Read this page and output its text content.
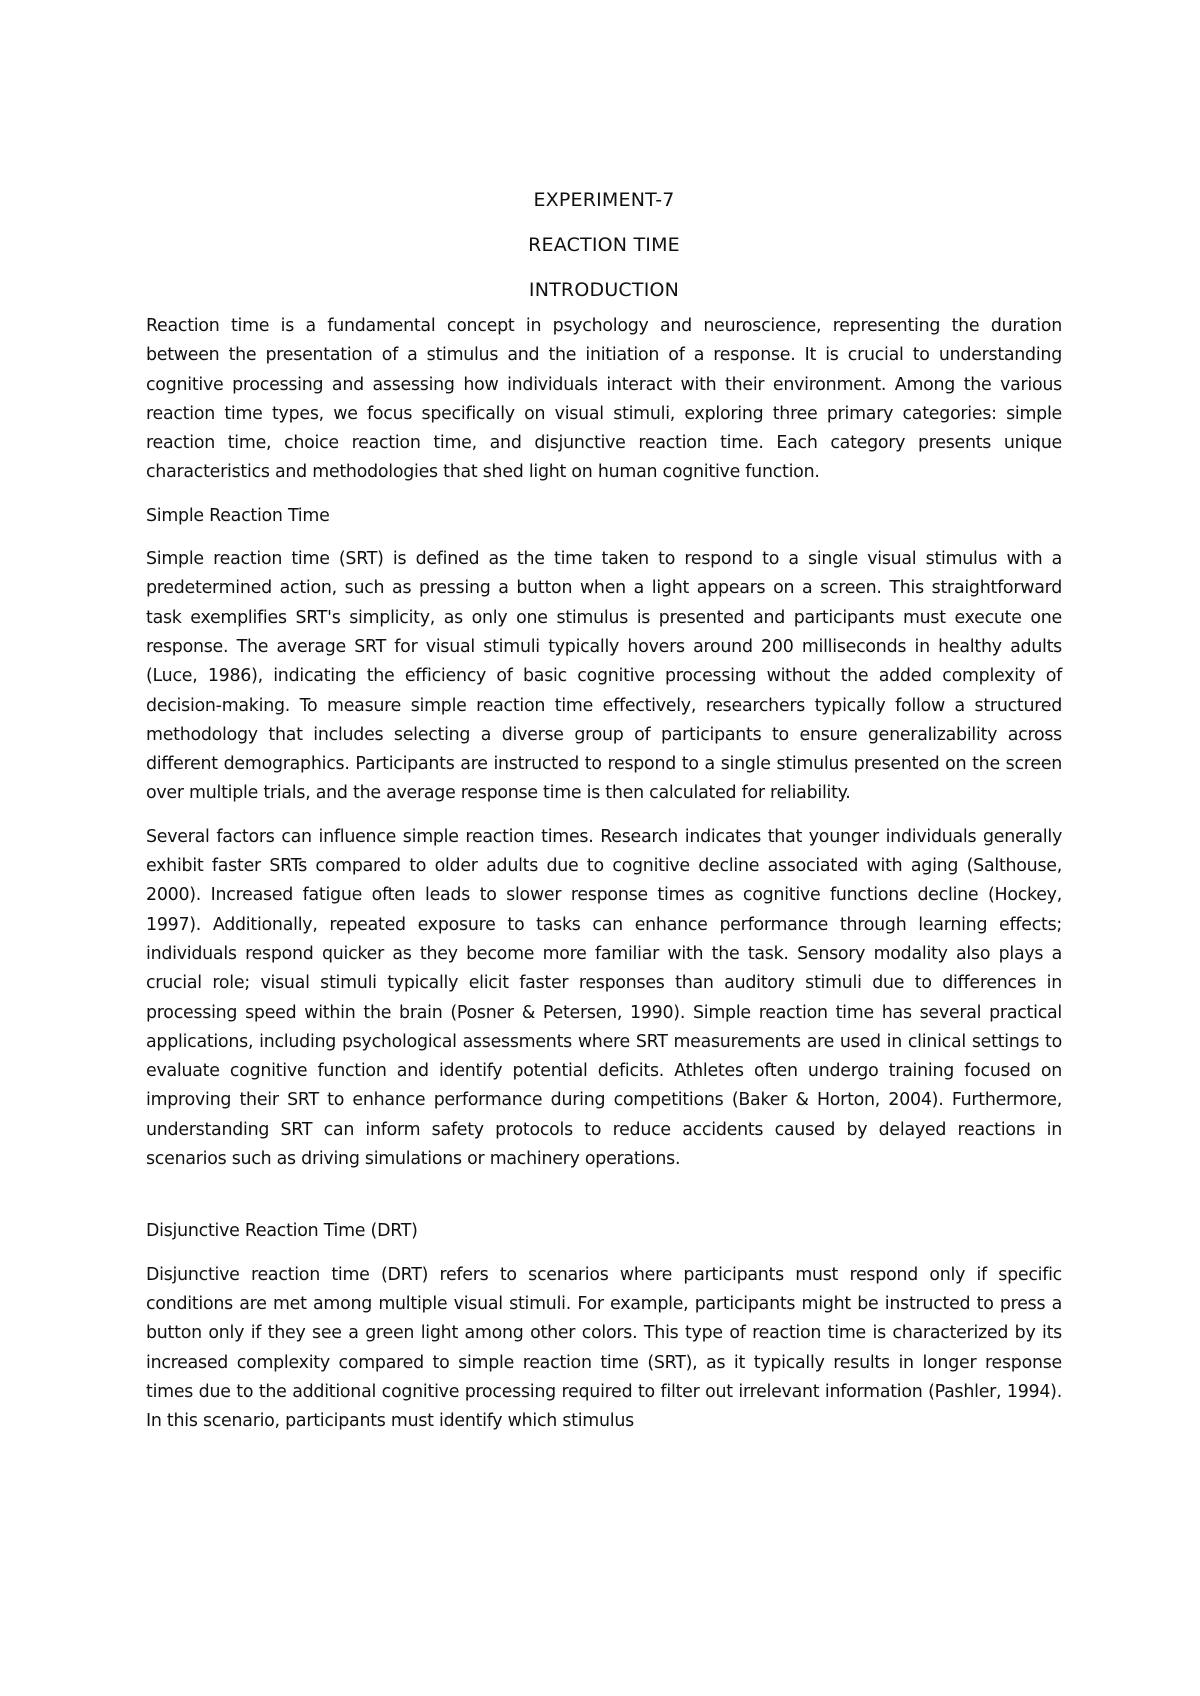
EXPERIMENT-7
REACTION TIME
INTRODUCTION

Reaction time is a fundamental concept in psychology and neuroscience, representing the duration between the presentation of a stimulus and the initiation of a response. It is crucial to understanding cognitive processing and assessing how individuals interact with their environment. Among the various reaction time types, we focus specifically on visual stimuli, exploring three primary categories: simple reaction time, choice reaction time, and disjunctive reaction time. Each category presents unique characteristics and methodologies that shed light on human cognitive function.

Simple Reaction Time

Simple reaction time (SRT) is defined as the time taken to respond to a single visual stimulus with a predetermined action, such as pressing a button when a light appears on a screen. This straightforward task exemplifies SRT's simplicity, as only one stimulus is presented and participants must execute one response. The average SRT for visual stimuli typically hovers around 200 milliseconds in healthy adults (Luce, 1986), indicating the efficiency of basic cognitive processing without the added complexity of decision-making. To measure simple reaction time effectively, researchers typically follow a structured methodology that includes selecting a diverse group of participants to ensure generalizability across different demographics. Participants are instructed to respond to a single stimulus presented on the screen over multiple trials, and the average response time is then calculated for reliability.

Several factors can influence simple reaction times. Research indicates that younger individuals generally exhibit faster SRTs compared to older adults due to cognitive decline associated with aging (Salthouse, 2000). Increased fatigue often leads to slower response times as cognitive functions decline (Hockey, 1997). Additionally, repeated exposure to tasks can enhance performance through learning effects; individuals respond quicker as they become more familiar with the task. Sensory modality also plays a crucial role; visual stimuli typically elicit faster responses than auditory stimuli due to differences in processing speed within the brain (Posner & Petersen, 1990). Simple reaction time has several practical applications, including psychological assessments where SRT measurements are used in clinical settings to evaluate cognitive function and identify potential deficits. Athletes often undergo training focused on improving their SRT to enhance performance during competitions (Baker & Horton, 2004). Furthermore, understanding SRT can inform safety protocols to reduce accidents caused by delayed reactions in scenarios such as driving simulations or machinery operations.

Disjunctive Reaction Time (DRT)

Disjunctive reaction time (DRT) refers to scenarios where participants must respond only if specific conditions are met among multiple visual stimuli. For example, participants might be instructed to press a button only if they see a green light among other colors. This type of reaction time is characterized by its increased complexity compared to simple reaction time (SRT), as it typically results in longer response times due to the additional cognitive processing required to filter out irrelevant information (Pashler, 1994). In this scenario, participants must identify which stimulus
